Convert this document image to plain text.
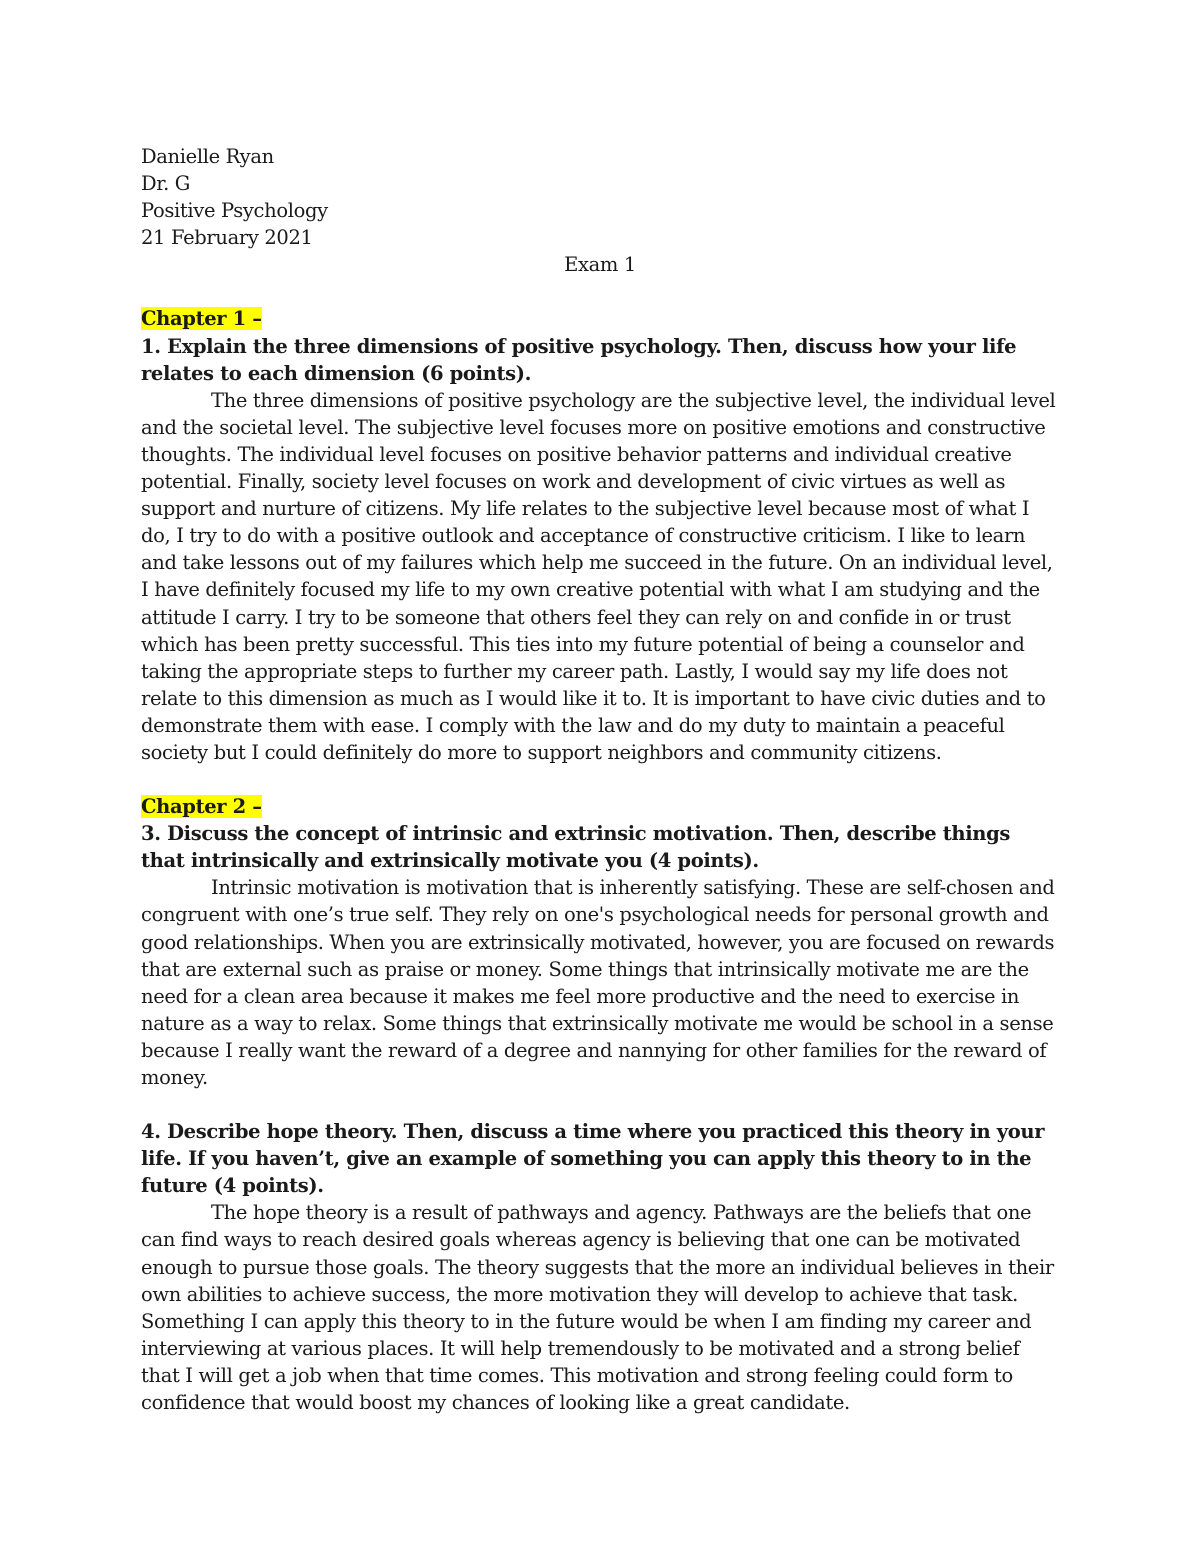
Danielle Ryan
Dr. G
Positive Psychology
21 February 2021
Exam 1
Chapter 1 –
1. Explain the three dimensions of positive psychology. Then, discuss how your life relates to each dimension (6 points).
The three dimensions of positive psychology are the subjective level, the individual level and the societal level. The subjective level focuses more on positive emotions and constructive thoughts. The individual level focuses on positive behavior patterns and individual creative potential. Finally, society level focuses on work and development of civic virtues as well as support and nurture of citizens. My life relates to the subjective level because most of what I do, I try to do with a positive outlook and acceptance of constructive criticism. I like to learn and take lessons out of my failures which help me succeed in the future. On an individual level, I have definitely focused my life to my own creative potential with what I am studying and the attitude I carry. I try to be someone that others feel they can rely on and confide in or trust which has been pretty successful. This ties into my future potential of being a counselor and taking the appropriate steps to further my career path. Lastly, I would say my life does not relate to this dimension as much as I would like it to. It is important to have civic duties and to demonstrate them with ease. I comply with the law and do my duty to maintain a peaceful society but I could definitely do more to support neighbors and community citizens.
Chapter 2 –
3. Discuss the concept of intrinsic and extrinsic motivation. Then, describe things that intrinsically and extrinsically motivate you (4 points).
Intrinsic motivation is motivation that is inherently satisfying. These are self-chosen and congruent with one’s true self. They rely on one's psychological needs for personal growth and good relationships. When you are extrinsically motivated, however, you are focused on rewards that are external such as praise or money. Some things that intrinsically motivate me are the need for a clean area because it makes me feel more productive and the need to exercise in nature as a way to relax. Some things that extrinsically motivate me would be school in a sense because I really want the reward of a degree and nannying for other families for the reward of money.
4. Describe hope theory. Then, discuss a time where you practiced this theory in your life. If you haven’t, give an example of something you can apply this theory to in the future (4 points).
The hope theory is a result of pathways and agency. Pathways are the beliefs that one can find ways to reach desired goals whereas agency is believing that one can be motivated enough to pursue those goals. The theory suggests that the more an individual believes in their own abilities to achieve success, the more motivation they will develop to achieve that task. Something I can apply this theory to in the future would be when I am finding my career and interviewing at various places. It will help tremendously to be motivated and a strong belief that I will get a job when that time comes. This motivation and strong feeling could form to confidence that would boost my chances of looking like a great candidate.
